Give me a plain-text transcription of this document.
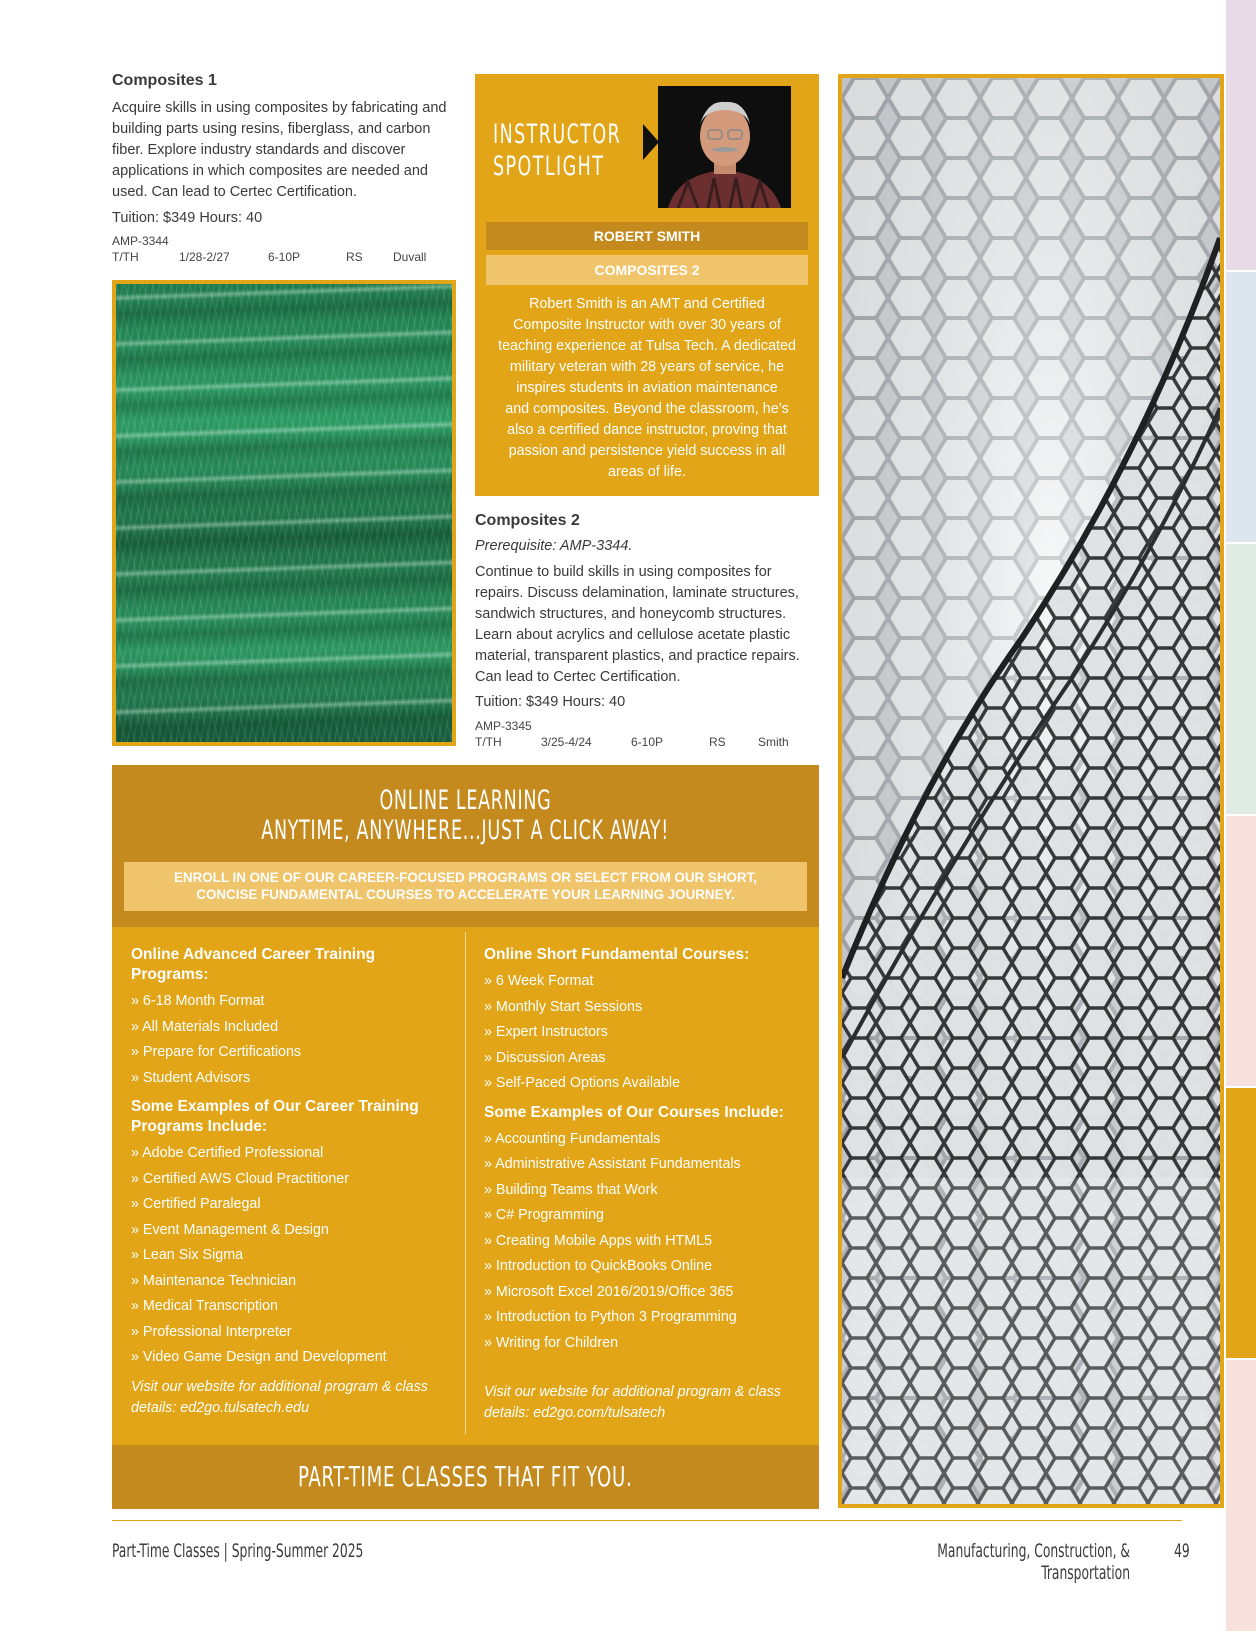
Composites 1
Acquire skills in using composites by fabricating and
building parts using resins, fiberglass, and carbon
fiber. Explore industry standards and discover
applications in which composites are needed and
used. Can lead to Certec Certification.
Tuition: $349 Hours: 40
AMP-3344
T/TH	1/28-2/27	6-10P	RS	Duvall
INSTRUCTOR
SPOTLIGHT
ROBERT SMITH
COMPOSITES 2
Robert Smith is an AMT and Certified
Composite Instructor with over 30 years of
teaching experience at Tulsa Tech. A dedicated
military veteran with 28 years of service, he
inspires students in aviation maintenance
and composites. Beyond the classroom, he’s
also a certified dance instructor, proving that
passion and persistence yield success in all
areas of life.
Composites 2
Prerequisite: AMP-3344.
Continue to build skills in using composites for
repairs. Discuss delamination, laminate structures,
sandwich structures, and honeycomb structures.
Learn about acrylics and cellulose acetate plastic
material, transparent plastics, and practice repairs.
Can lead to Certec Certification.
Tuition: $349 Hours: 40
AMP-3345
T/TH	3/25-4/24	6-10P	RS	Smith
ONLINE LEARNING
ANYTIME, ANYWHERE...JUST A CLICK AWAY!
ENROLL IN ONE OF OUR CAREER-FOCUSED PROGRAMS OR SELECT FROM OUR SHORT,
CONCISE FUNDAMENTAL COURSES TO ACCELERATE YOUR LEARNING JOURNEY.
Online Advanced Career Training
Programs:
» 6-18 Month Format
» All Materials Included
» Prepare for Certifications
» Student Advisors
Some Examples of Our Career Training
Programs Include:
» Adobe Certified Professional
» Certified AWS Cloud Practitioner
» Certified Paralegal
» Event Management & Design
» Lean Six Sigma
» Maintenance Technician
» Medical Transcription
» Professional Interpreter
» Video Game Design and Development
Visit our website for additional program & class
details: ed2go.tulsatech.edu
Online Short Fundamental Courses:
» 6 Week Format
» Monthly Start Sessions
» Expert Instructors
» Discussion Areas
» Self-Paced Options Available
Some Examples of Our Courses Include:
» Accounting Fundamentals
» Administrative Assistant Fundamentals
» Building Teams that Work
» C# Programming
» Creating Mobile Apps with HTML5
» Introduction to QuickBooks Online
» Microsoft Excel 2016/2019/Office 365
» Introduction to Python 3 Programming
» Writing for Children
Visit our website for additional program & class
details: ed2go.com/tulsatech
PART-TIME CLASSES THAT FIT YOU.
Part-Time Classes | Spring-Summer 2025	Manufacturing, Construction, & Transportation
49
